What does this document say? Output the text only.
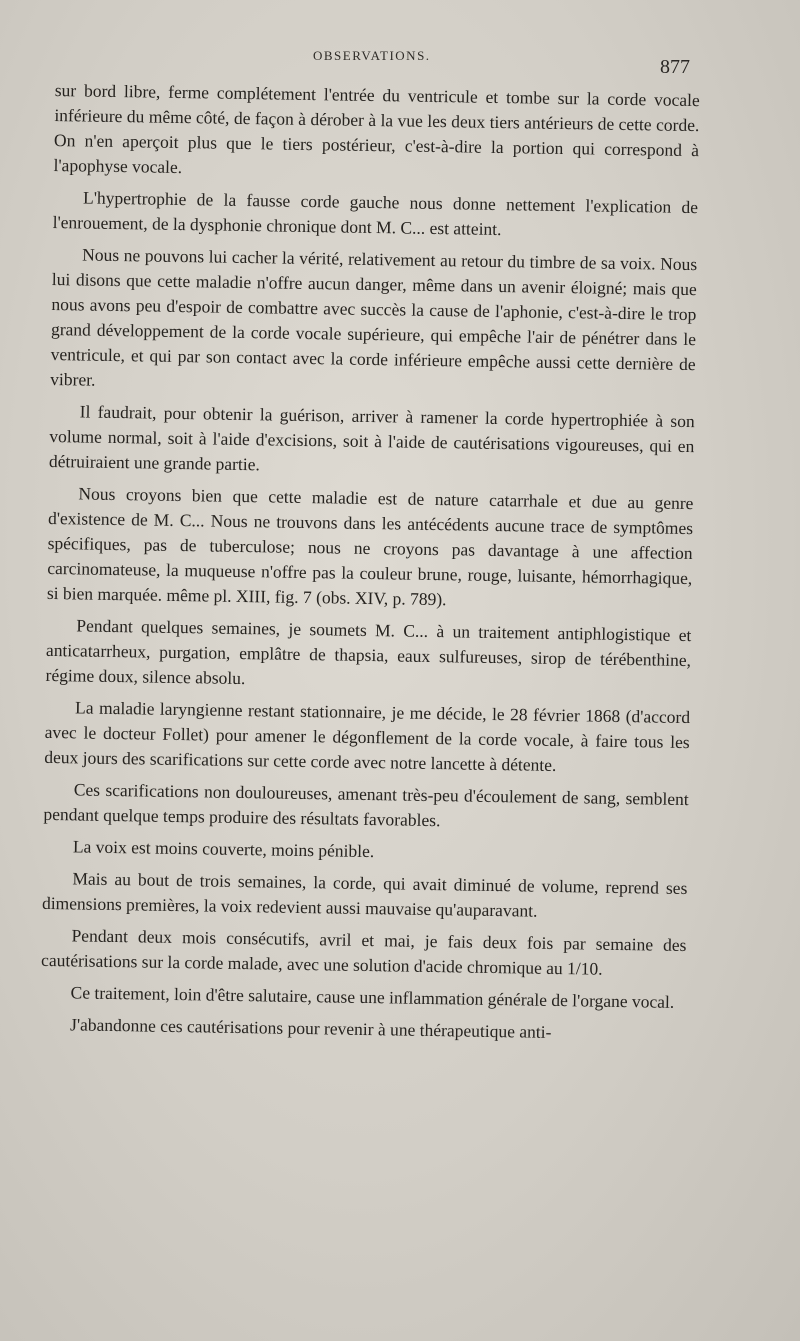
OBSERVATIONS.
877

sur bord libre, ferme complétement l'entrée du ventricule et tombe sur la corde vocale inférieure du même côté, de façon à dérober à la vue les deux tiers antérieurs de cette corde. On n'en aperçoit plus que le tiers postérieur, c'est-à-dire la portion qui correspond à l'apophyse vocale.

L'hypertrophie de la fausse corde gauche nous donne nettement l'explication de l'enrouement, de la dysphonie chronique dont M. C... est atteint.

Nous ne pouvons lui cacher la vérité, relativement au retour du timbre de sa voix. Nous lui disons que cette maladie n'offre aucun danger, même dans un avenir éloigné; mais que nous avons peu d'espoir de combattre avec succès la cause de l'aphonie, c'est-à-dire le trop grand développement de la corde vocale supérieure, qui empêche l'air de pénétrer dans le ventricule, et qui par son contact avec la corde inférieure empêche aussi cette dernière de vibrer.

Il faudrait, pour obtenir la guérison, arriver à ramener la corde hypertrophiée à son volume normal, soit à l'aide d'excisions, soit à l'aide de cautérisations vigoureuses, qui en détruiraient une grande partie.

Nous croyons bien que cette maladie est de nature catarrhale et due au genre d'existence de M. C... Nous ne trouvons dans les antécédents aucune trace de symptômes spécifiques, pas de tuberculose; nous ne croyons pas davantage à une affection carcinomateuse, la muqueuse n'offre pas la couleur brune, rouge, luisante, hémorrhagique, si bien marquée. même pl. XIII, fig. 7 (obs. XIV, p. 789).

Pendant quelques semaines, je soumets M. C... à un traitement antiphlogistique et anticatarrheux, purgation, emplâtre de thapsia, eaux sulfureuses, sirop de térébenthine, régime doux, silence absolu.

La maladie laryngienne restant stationnaire, je me décide, le 28 février 1868 (d'accord avec le docteur Follet) pour amener le dégonflement de la corde vocale, à faire tous les deux jours des scarifications sur cette corde avec notre lancette à détente.

Ces scarifications non douloureuses, amenant très-peu d'écoulement de sang, semblent pendant quelque temps produire des résultats favorables.

La voix est moins couverte, moins pénible.

Mais au bout de trois semaines, la corde, qui avait diminué de volume, reprend ses dimensions premières, la voix redevient aussi mauvaise qu'auparavant.

Pendant deux mois consécutifs, avril et mai, je fais deux fois par semaine des cautérisations sur la corde malade, avec une solution d'acide chromique au 1/10.

Ce traitement, loin d'être salutaire, cause une inflammation générale de l'organe vocal.

J'abandonne ces cautérisations pour revenir à une thérapeutique anti-
